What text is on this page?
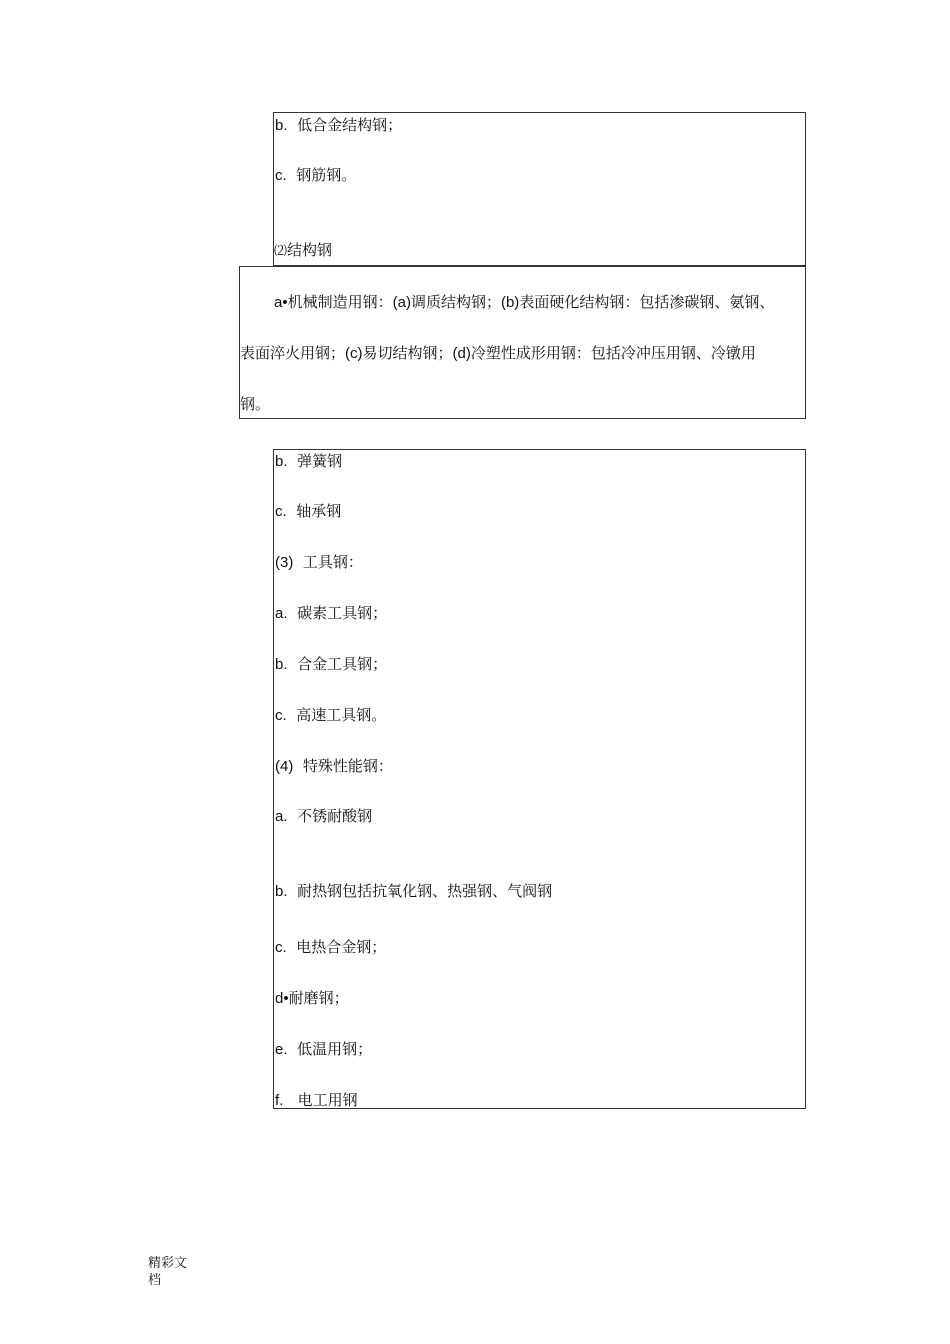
b. 低合金结构钢；
c. 钢筋钢。
⑵结构钢
a•机械制造用钢：(a)调质结构钢；(b)表面硬化结构钢：包括渗碳钢、氨钢、
表面淬火用钢；(c)易切结构钢；(d)冷塑性成形用钢：包括冷冲压用钢、冷镦用
钢。
b. 弹簧钢
c. 轴承钢
(3) 工具钢：
a. 碳素工具钢；
b. 合金工具钢；
c. 高速工具钢。
(4) 特殊性能钢：
a. 不锈耐酸钢
b. 耐热钢包括抗氧化钢、热强钢、气阀钢
c. 电热合金钢；
d•耐磨钢；
e. 低温用钢；
f. 电工用钢
精彩文
档
